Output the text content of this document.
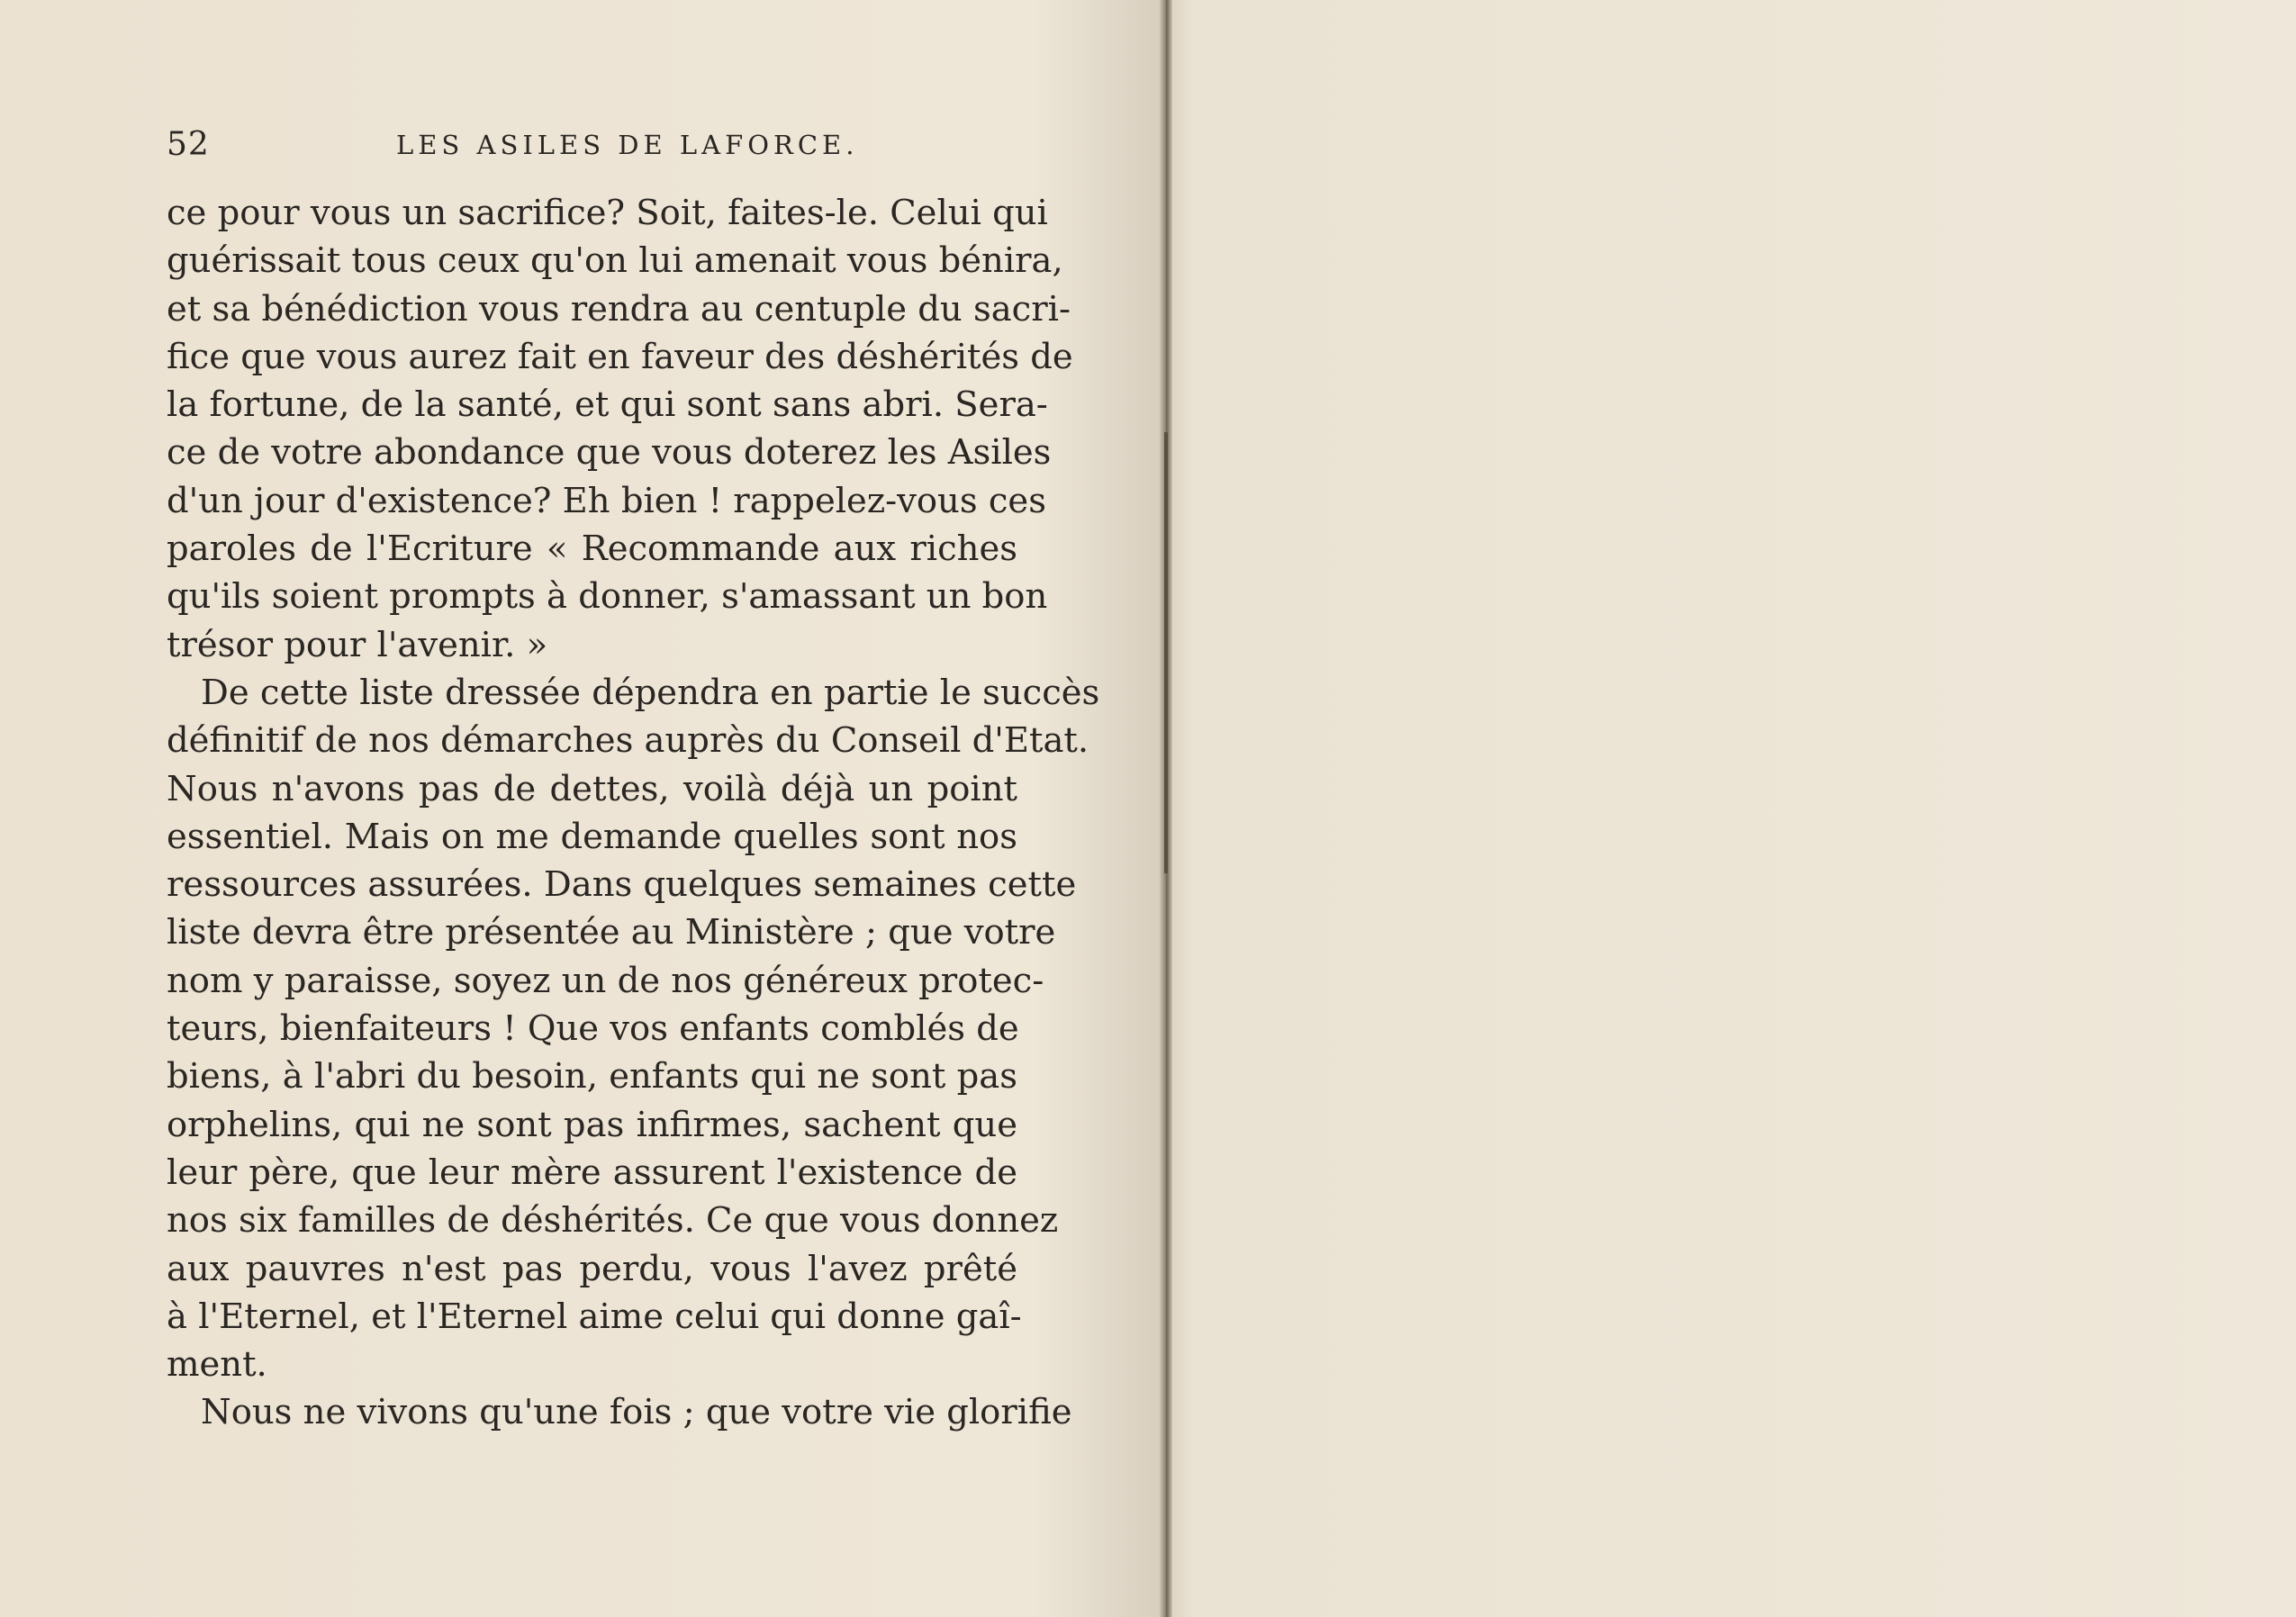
52	LES ASILES DE LAFORCE.
ce pour vous un sacrifice? Soit, faites-le. Celui qui
guérissait tous ceux qu'on lui amenait vous bénira,
et sa bénédiction vous rendra au centuple du sacri-
fice que vous aurez fait en faveur des déshérités de
la fortune, de la santé, et qui sont sans abri. Sera-
ce de votre abondance que vous doterez les Asiles
d'un jour d'existence? Eh bien ! rappelez-vous ces
paroles de l'Ecriture « Recommande aux riches
qu'ils soient prompts à donner, s'amassant un bon
trésor pour l'avenir. »
De cette liste dressée dépendra en partie le succès
définitif de nos démarches auprès du Conseil d'Etat.
Nous n'avons pas de dettes, voilà déjà un point
essentiel. Mais on me demande quelles sont nos
ressources assurées. Dans quelques semaines cette
liste devra être présentée au Ministère ; que votre
nom y paraisse, soyez un de nos généreux protec-
teurs, bienfaiteurs ! Que vos enfants comblés de
biens, à l'abri du besoin, enfants qui ne sont pas
orphelins, qui ne sont pas infirmes, sachent que
leur père, que leur mère assurent l'existence de
nos six familles de déshérités. Ce que vous donnez
aux pauvres n'est pas perdu, vous l'avez prêté
à l'Eternel, et l'Eternel aime celui qui donne gaî-
ment.
Nous ne vivons qu'une fois ; que votre vie glorifie
